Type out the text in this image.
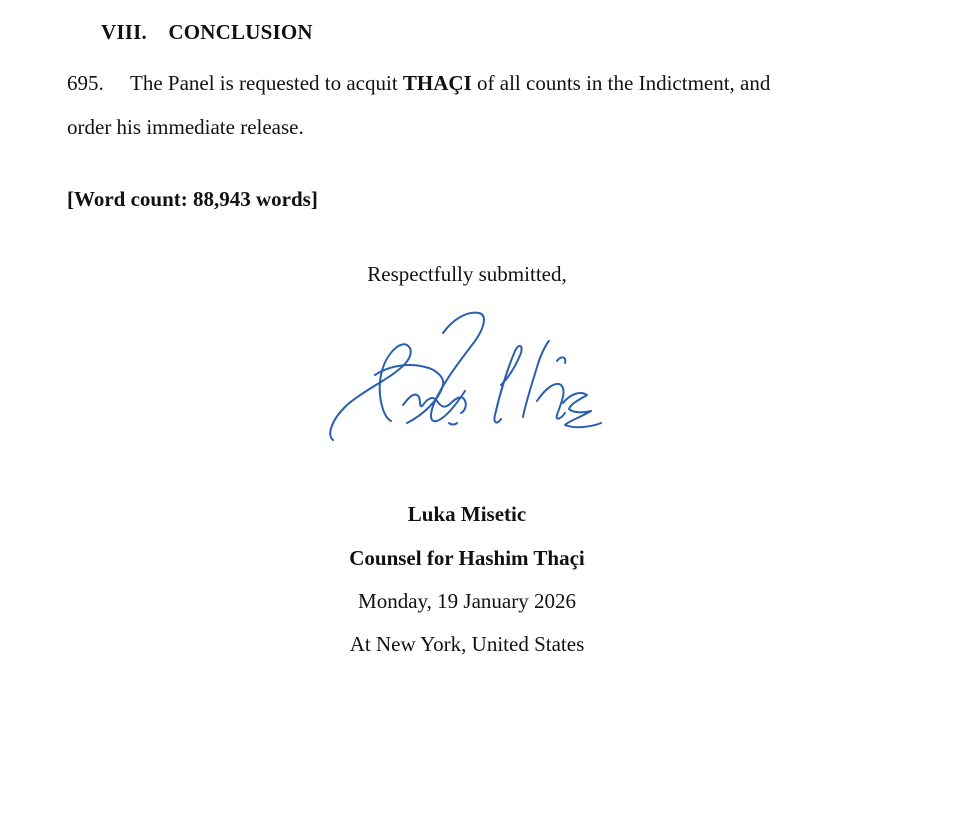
VIII. CONCLUSION
695. The Panel is requested to acquit THAÇI of all counts in the Indictment, and
order his immediate release.
[Word count: 88,943 words]
Respectfully submitted,
Luka Misetic
Counsel for Hashim Thaçi
Monday, 19 January 2026
At New York, United States
